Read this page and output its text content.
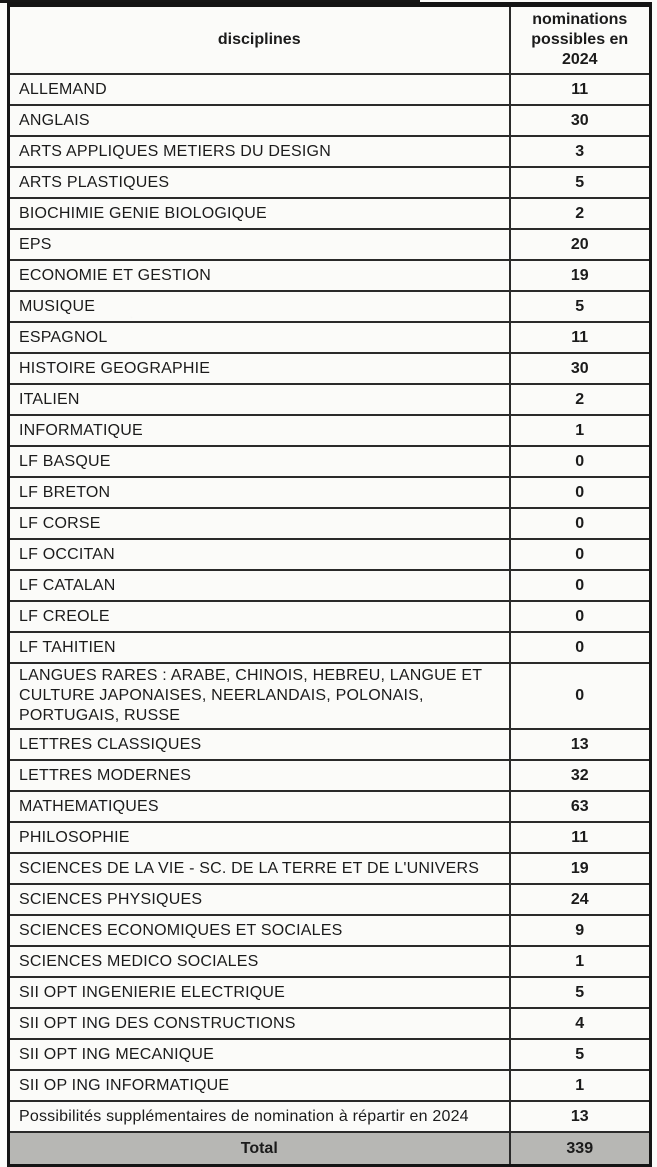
disciplines	nominations possibles en 2024
ALLEMAND	11
ANGLAIS	30
ARTS APPLIQUES METIERS DU DESIGN	3
ARTS PLASTIQUES	5
BIOCHIMIE GENIE BIOLOGIQUE	2
EPS	20
ECONOMIE ET GESTION	19
MUSIQUE	5
ESPAGNOL	11
HISTOIRE GEOGRAPHIE	30
ITALIEN	2
INFORMATIQUE	1
LF BASQUE	0
LF BRETON	0
LF CORSE	0
LF OCCITAN	0
LF CATALAN	0
LF CREOLE	0
LF TAHITIEN	0
LANGUES RARES : ARABE, CHINOIS, HEBREU, LANGUE ET CULTURE JAPONAISES, NEERLANDAIS, POLONAIS, PORTUGAIS, RUSSE	0
LETTRES CLASSIQUES	13
LETTRES MODERNES	32
MATHEMATIQUES	63
PHILOSOPHIE	11
SCIENCES DE LA VIE - SC. DE LA TERRE ET DE L'UNIVERS	19
SCIENCES PHYSIQUES	24
SCIENCES ECONOMIQUES ET SOCIALES	9
SCIENCES MEDICO SOCIALES	1
SII OPT INGENIERIE ELECTRIQUE	5
SII OPT ING DES CONSTRUCTIONS	4
SII OPT ING MECANIQUE	5
SII OP ING INFORMATIQUE	1
Possibilités supplémentaires de nomination à répartir en 2024	13
Total	339
